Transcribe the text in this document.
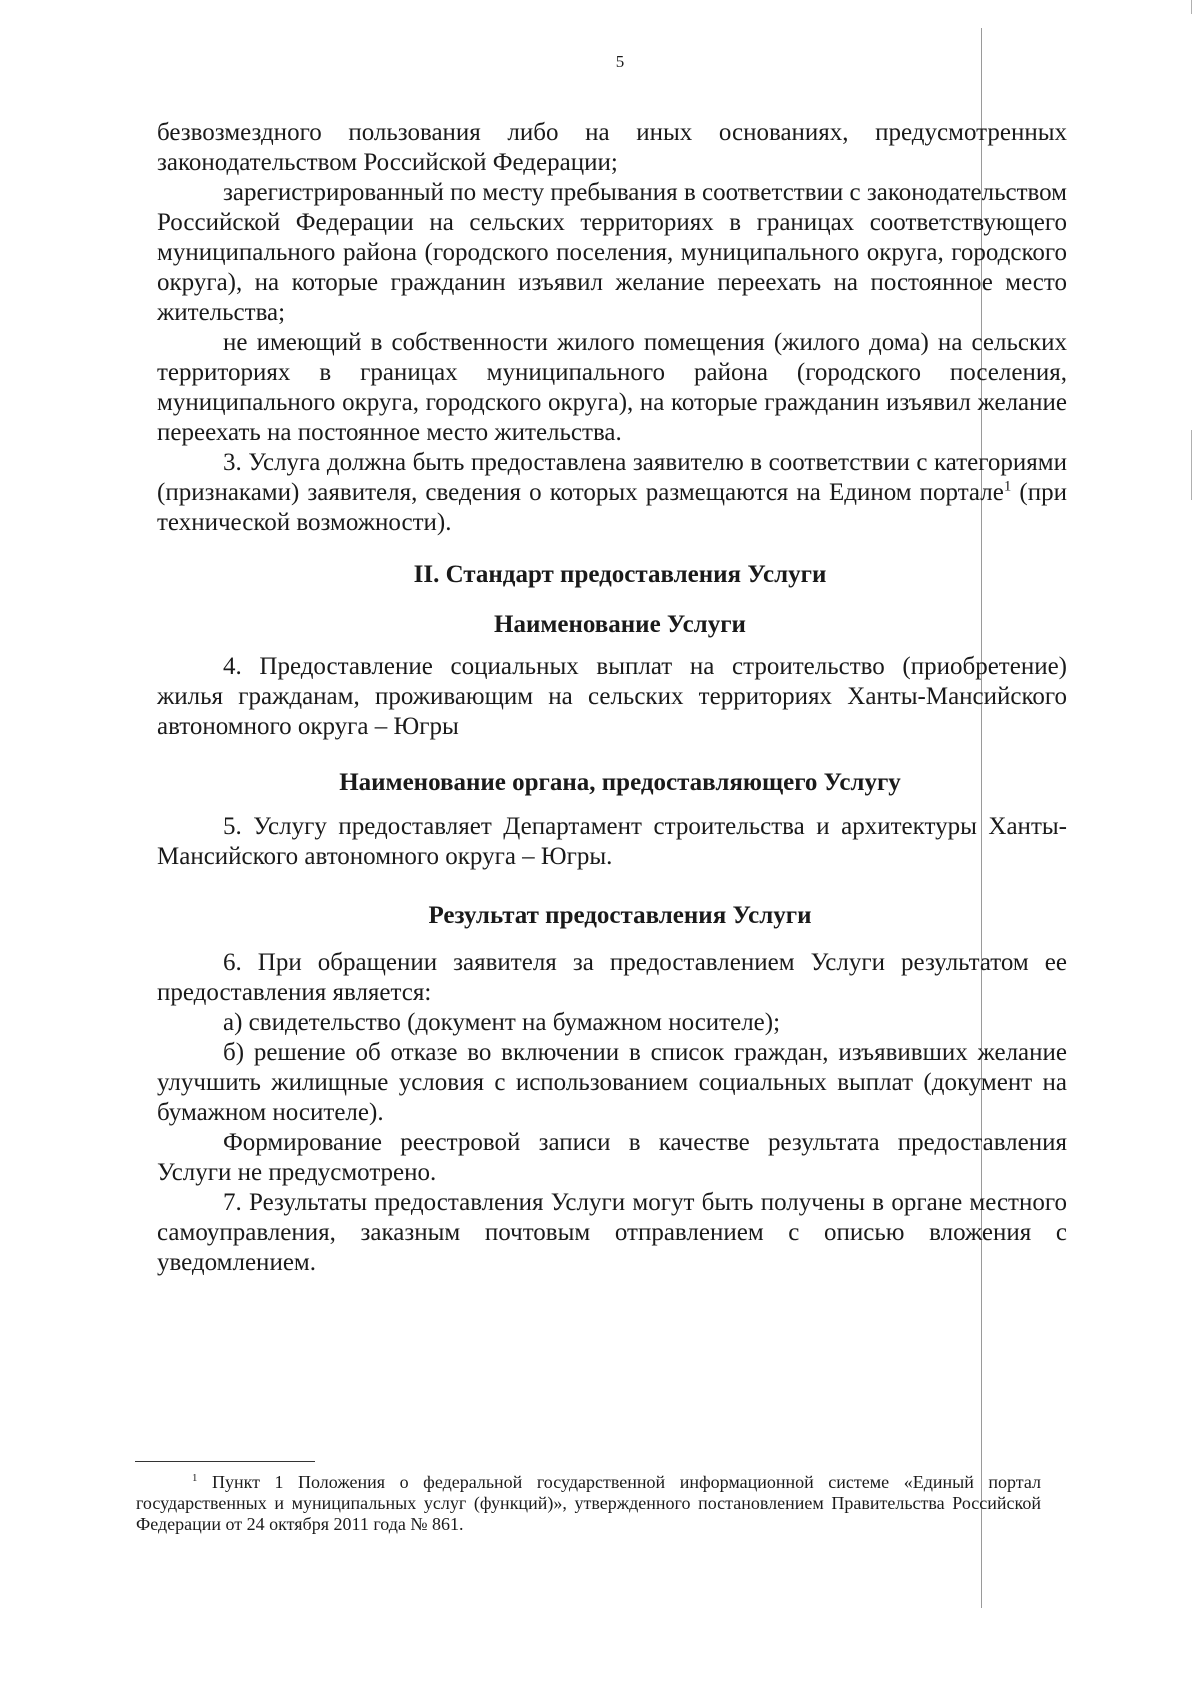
5

безвозмездного пользования либо на иных основаниях, предусмотренных законодательством Российской Федерации;

зарегистрированный по месту пребывания в соответствии с законодательством Российской Федерации на сельских территориях в границах соответствующего муниципального района (городского поселения, муниципального округа, городского округа), на которые гражданин изъявил желание переехать на постоянное место жительства;

не имеющий в собственности жилого помещения (жилого дома) на сельских территориях в границах муниципального района (городского поселения, муниципального округа, городского округа), на которые гражданин изъявил желание переехать на постоянное место жительства.

3. Услуга должна быть предоставлена заявителю в соответствии с категориями (признаками) заявителя, сведения о которых размещаются на Едином портале$^1$ (при технической возможности).

II. Стандарт предоставления Услуги
Наименование Услуги

4. Предоставление социальных выплат на строительство (приобретение) жилья гражданам, проживающим на сельских территориях Ханты-Мансийского автономного округа – Югры

Наименование органа, предоставляющего Услугу

5. Услугу предоставляет Департамент строительства и архитектуры Ханты-Мансийского автономного округа – Югры.

Результат предоставления Услуги

6. При обращении заявителя за предоставлением Услуги результатом ее предоставления является:

а) свидетельство (документ на бумажном носителе);

б) решение об отказе во включении в список граждан, изъявивших желание улучшить жилищные условия с использованием социальных выплат (документ на бумажном носителе).

Формирование реестровой записи в качестве результата предоставления Услуги не предусмотрено.

7. Результаты предоставления Услуги могут быть получены в органе местного самоуправления, заказным почтовым отправлением с описью вложения с уведомлением.

$^1$ Пункт 1 Положения о федеральной государственной информационной системе «Единый портал государственных и муниципальных услуг (функций)», утвержденного постановлением Правительства Российской Федерации от 24 октября 2011 года № 861.
